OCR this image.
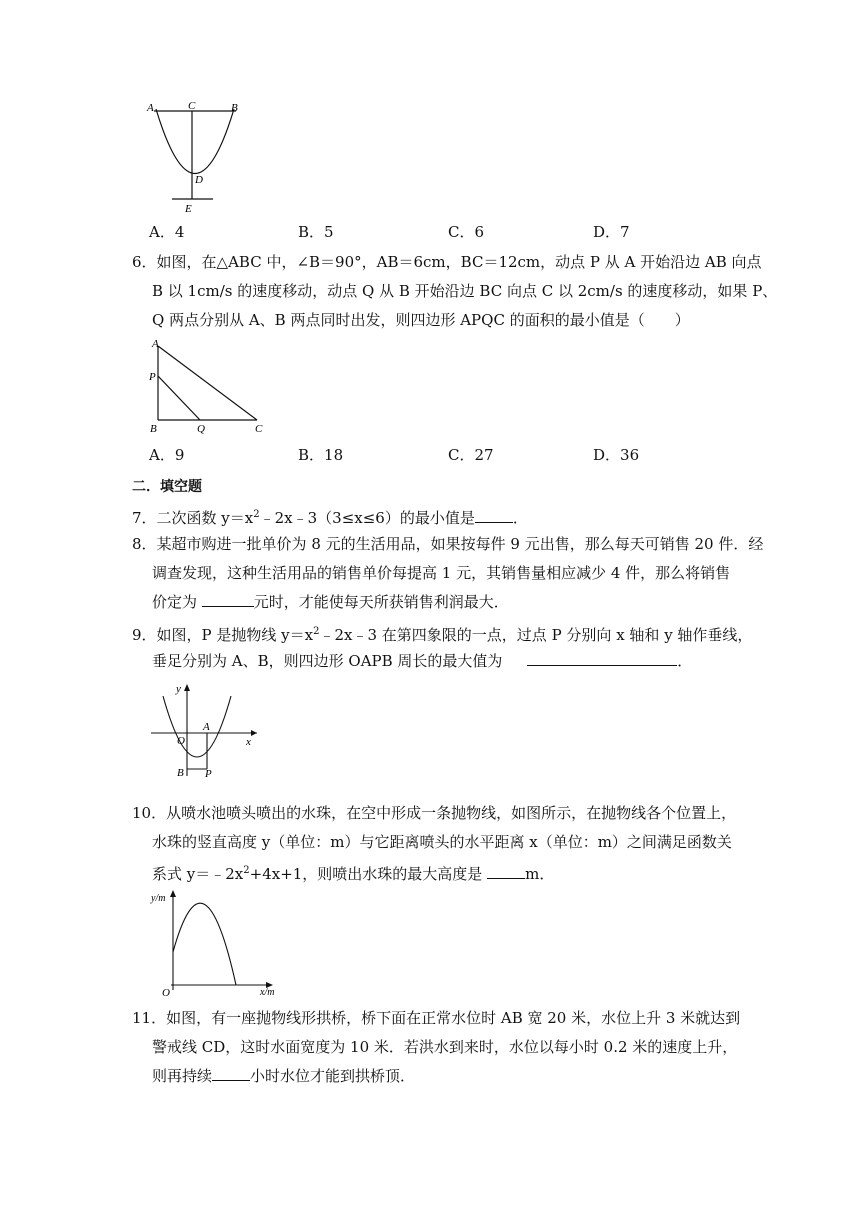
A	C	B
D
E
A．4	B．5	C．6	D．7
6．如图，在△ABC 中，∠B＝90°，AB＝6cm，BC＝12cm，动点 P 从 A 开始沿边 AB 向点
B 以 1cm/s 的速度移动，动点 Q 从 B 开始沿边 BC 向点 C 以 2cm/s 的速度移动，如果 P、
Q 两点分别从 A、B 两点同时出发，则四边形 APQC 的面积的最小值是（　　）
A
P
B	Q	C
A．9	B．18	C．27	D．36
二．填空题
7．二次函数 $y=x^2﹣2x﹣3(3\le x\le 6)$的最小值是	．
8．某超市购进一批单价为 8 元的生活用品，如果按每件 9 元出售，那么每天可销售 20 件．经
调查发现，这种生活用品的销售单价每提高 1 元，其销售量相应减少 4 件，那么将销售
价定为	元时，才能使每天所获销售利润最大．
9．如图，P 是抛物线 $y=x^2﹣2x﹣3$ 在第四象限的一点，过点 P 分别向 x 轴和 y 轴作垂线，
垂足分别为 A、B，则四边形 OAPB 周长的最大值为	．
y
x
O
A
B P
10．从喷水池喷头喷出的水珠，在空中形成一条抛物线，如图所示，在抛物线各个位置上，
水珠的竖直高度 y（单位：m）与它距离喷头的水平距离 x（单位：m）之间满足函数关
系式 $y=﹣2x^2+4x+1$，则喷出水珠的最大高度是	m．
y/m
x/m
O
11．如图，有一座抛物线形拱桥，桥下面在正常水位时 AB 宽 20 米，水位上升 3 米就达到
警戒线 CD，这时水面宽度为 10 米．若洪水到来时，水位以每小时 0.2 米的速度上升，
则再持续	小时水位才能到拱桥顶．
